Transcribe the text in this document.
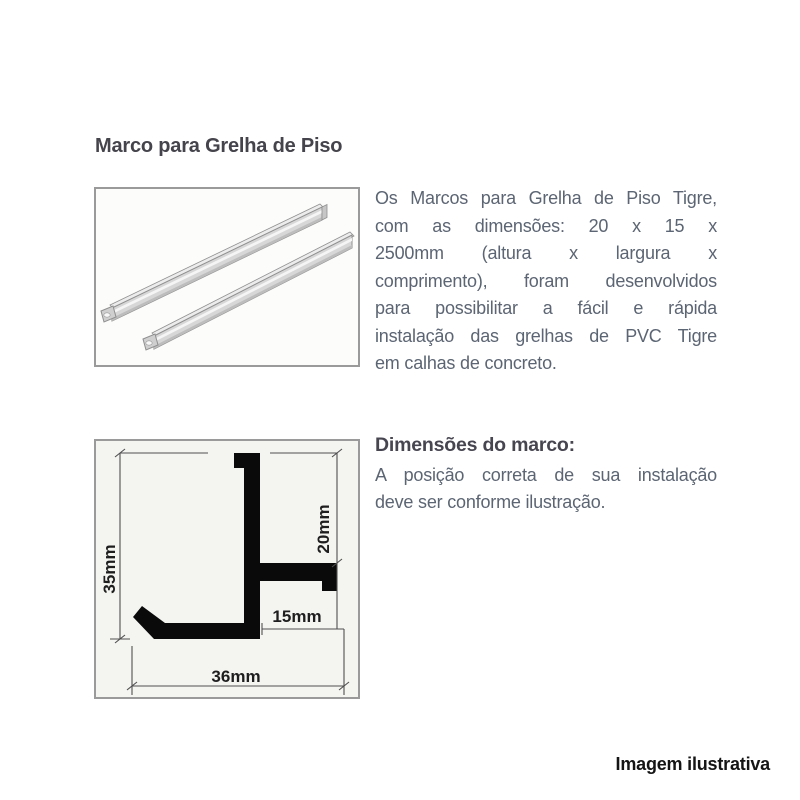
Marco para Grelha de Piso
Os Marcos para Grelha de Piso Tigre,
com as dimensões: 20 x 15 x
2500mm (altura x largura x
comprimento), foram desenvolvidos
para possibilitar a fácil e rápida
instalação das grelhas de PVC Tigre
em calhas de concreto.
35mm
20mm
15mm
36mm
Dimensões do marco:
A posição correta de sua instalação
deve ser conforme ilustração.
Imagem ilustrativa
